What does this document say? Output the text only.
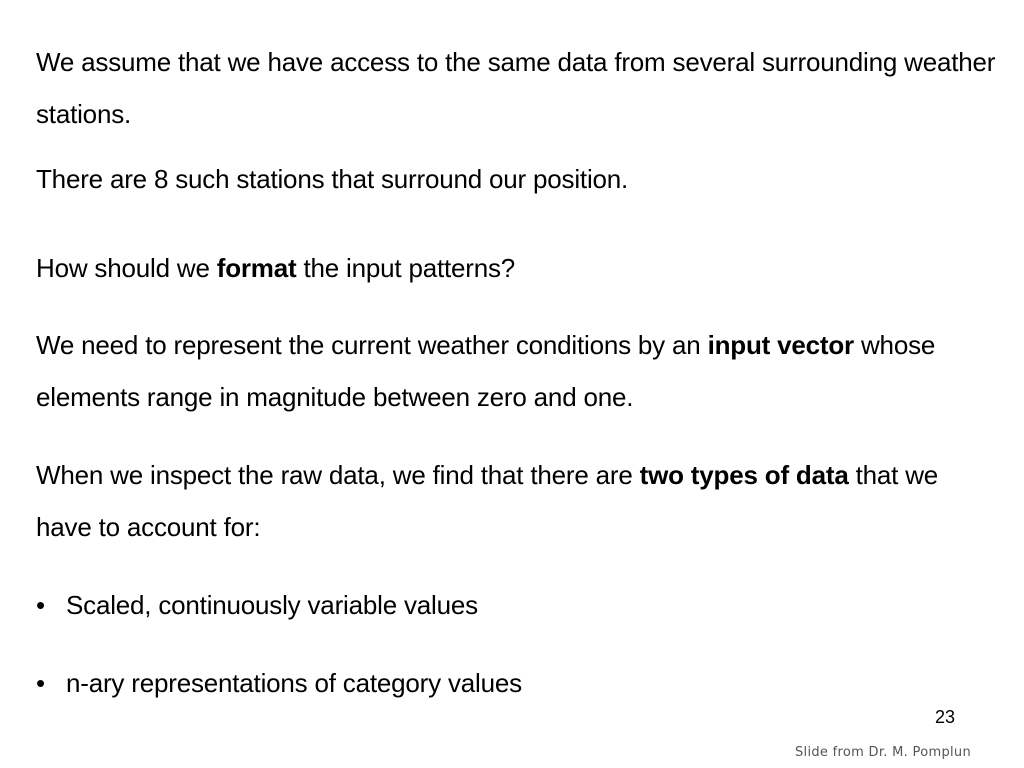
We assume that we have access to the same data from several surrounding weather stations.
There are 8 such stations that surround our position.
How should we format the input patterns?
We need to represent the current weather conditions by an input vector whose elements range in magnitude between zero and one.
When we inspect the raw data, we find that there are two types of data that we have to account for:
• Scaled, continuously variable values
• n-ary representations of category values
23
Slide from Dr. M. Pomplun
